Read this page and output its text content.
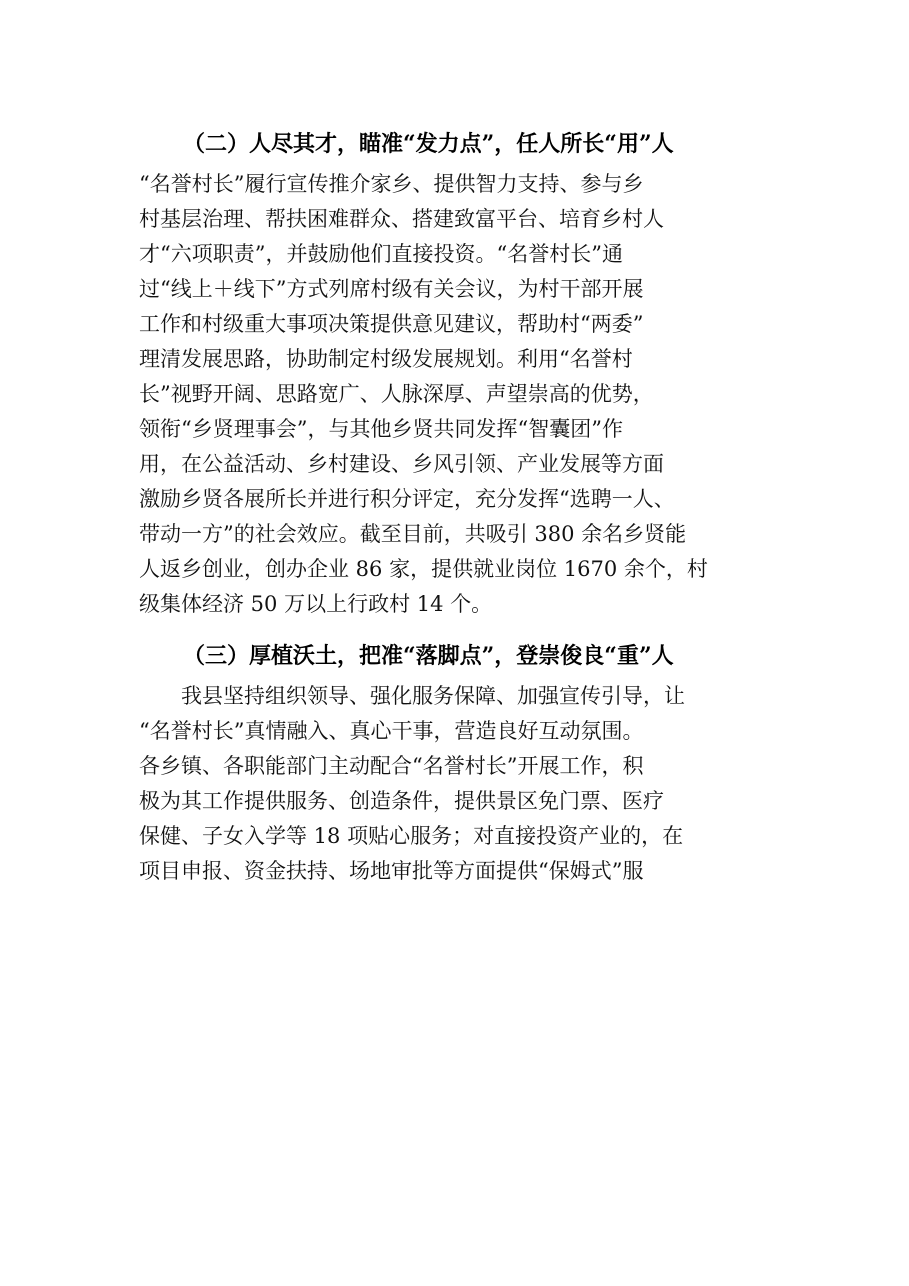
（二）人尽其才，瞄准“发力点”，任人所长“用”人

“名誉村长”履行宣传推介家乡、提供智力支持、参与乡

村基层治理、帮扶困难群众、搭建致富平台、培育乡村人

才“六项职责”，并鼓励他们直接投资。“名誉村长”通

过“线上＋线下”方式列席村级有关会议，为村干部开展

工作和村级重大事项决策提供意见建议，帮助村“两委”

理清发展思路，协助制定村级发展规划。利用“名誉村

长”视野开阔、思路宽广、人脉深厚、声望崇高的优势，

领衔“乡贤理事会”，与其他乡贤共同发挥“智囊团”作

用，在公益活动、乡村建设、乡风引领、产业发展等方面

激励乡贤各展所长并进行积分评定，充分发挥“选聘一人、

带动一方”的社会效应。截至目前，共吸引 380 余名乡贤能

人返乡创业，创办企业 86 家，提供就业岗位 1670 余个，村

级集体经济 50 万以上行政村 14 个。

（三）厚植沃土，把准“落脚点”，登崇俊良“重”人

我县坚持组织领导、强化服务保障、加强宣传引导，让

“名誉村长”真情融入、真心干事，营造良好互动氛围。

各乡镇、各职能部门主动配合“名誉村长”开展工作，积

极为其工作提供服务、创造条件，提供景区免门票、医疗

保健、子女入学等 18 项贴心服务；对直接投资产业的，在

项目申报、资金扶持、场地审批等方面提供“保姆式”服
